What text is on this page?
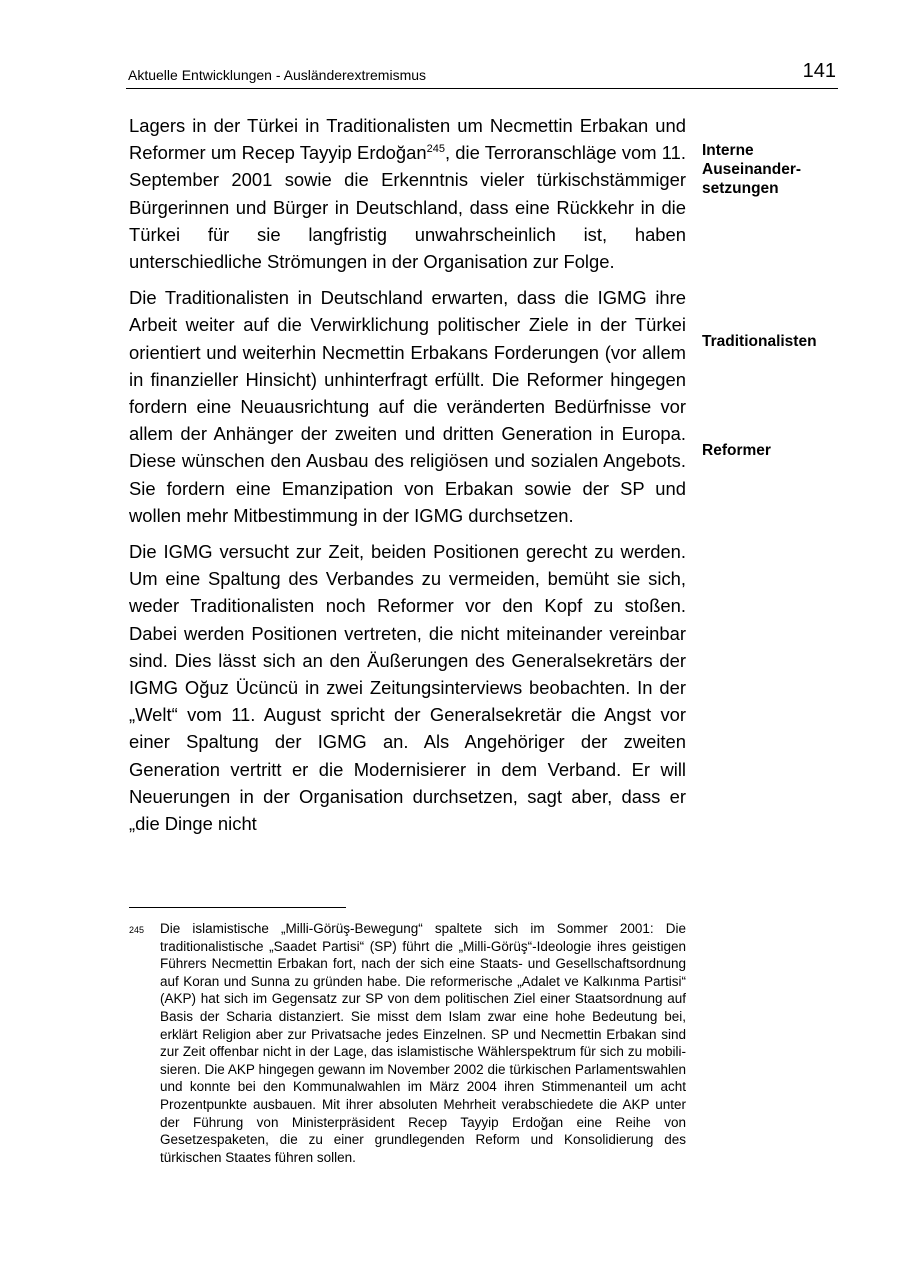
Aktuelle Entwicklungen - Ausländerextremismus	141

Lagers in der Türkei in Traditionalisten um Necmettin Erbakan und Reformer um Recep Tayyip Erdoğan$^{245}$, die Terroranschläge vom 11. September 2001 sowie die Erkenntnis vieler türkischstämmiger Bürgerinnen und Bürger in Deutschland, dass eine Rückkehr in die Türkei für sie langfristig unwahrscheinlich ist, haben unterschiedliche Strömungen in der Organisation zur Folge.

Die Traditionalisten in Deutschland erwarten, dass die IGMG ihre Arbeit weiter auf die Verwirklichung politischer Ziele in der Türkei orientiert und weiterhin Necmettin Erbakans Forderungen (vor allem in finanzieller Hinsicht) unhinterfragt erfüllt. Die Reformer hingegen fordern eine Neuausrichtung auf die veränderten Bedürfnisse vor allem der Anhänger der zweiten und dritten Generation in Europa. Diese wünschen den Ausbau des religiösen und sozialen Angebots. Sie fordern eine Emanzipation von Erbakan sowie der SP und wollen mehr Mitbestimmung in der IGMG durchsetzen.

Die IGMG versucht zur Zeit, beiden Positionen gerecht zu werden. Um eine Spaltung des Verbandes zu vermeiden, bemüht sie sich, weder Traditionalisten noch Reformer vor den Kopf zu stoßen. Dabei werden Positionen vertreten, die nicht miteinander vereinbar sind. Dies lässt sich an den Äußerungen des Generalsekretärs der IGMG Oğuz Ücüncü in zwei Zeitungsinterviews beobachten. In der „Welt“ vom 11. August spricht der Generalsekretär die Angst vor einer Spaltung der IGMG an. Als Angehöriger der zweiten Generation vertritt er die Modernisierer in dem Verband. Er will Neuerungen in der Organisation durchsetzen, sagt aber, dass er „die Dinge nicht

Interne
Auseinander-
setzungen
Traditionalisten
Reformer
245 Die islamistische „Milli-Görüş-Bewegung“ spaltete sich im Sommer 2001: Die traditionalistische „Saadet Partisi“ (SP) führt die „Milli-Görüş“-Ideologie ihres geistigen Führers Necmettin Erbakan fort, nach der sich eine Staats- und Gesellschaftsordnung auf Koran und Sunna zu gründen habe. Die reformerische „Adalet ve Kalkınma Partisi“ (AKP) hat sich im Gegensatz zur SP von dem politischen Ziel einer Staatsordnung auf Basis der Scharia distanziert. Sie misst dem Islam zwar eine hohe Bedeutung bei, erklärt Religion aber zur Privatsache jedes Einzelnen. SP und Necmettin Erbakan sind zur Zeit offenbar nicht in der Lage, das islamistische Wählerspektrum für sich zu mobilisieren. Die AKP hingegen gewann im November 2002 die türkischen Parlamentswahlen und konnte bei den Kommunalwahlen im März 2004 ihren Stimmenanteil um acht Prozentpunkte ausbauen. Mit ihrer absoluten Mehrheit verabschiedete die AKP unter der Führung von Ministerpräsident Recep Tayyip Erdoğan eine Reihe von Gesetzespaketen, die zu einer grundlegenden Reform und Konsolidierung des türkischen Staates führen sollen.
